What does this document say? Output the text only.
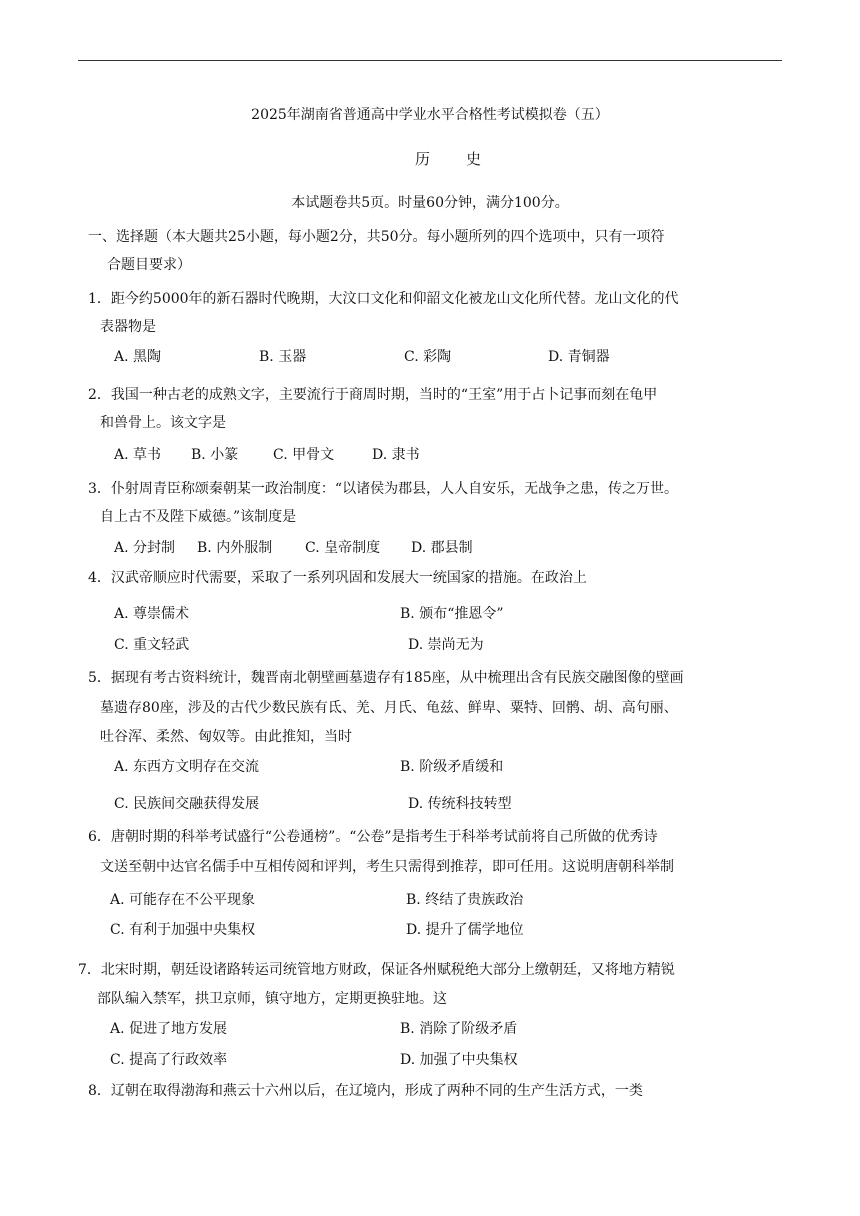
2025年湖南省普通高中学业水平合格性考试模拟卷（五）
历史
本试题卷共5页。时量60分钟，满分100分。
一、选择题（本大题共25小题，每小题2分，共50分。每小题所列的四个选项中，只有一项符
合题目要求）
1．距今约5000年的新石器时代晚期，大汶口文化和仰韶文化被龙山文化所代替。龙山文化的代
表器物是
A. 黑陶	B. 玉器	C. 彩陶	D. 青铜器
2．我国一种古老的成熟文字，主要流行于商周时期，当时的“王室”用于占卜记事而刻在龟甲
和兽骨上。该文字是
A. 草书 B. 小篆 C. 甲骨文	D. 隶书
3．仆射周青臣称颂秦朝某一政治制度：“以诸侯为郡县，人人自安乐，无战争之患，传之万世。
自上古不及陛下威德。”该制度是
A. 分封制 B. 内外服制 C. 皇帝制度 D. 郡县制
4．汉武帝顺应时代需要，采取了一系列巩固和发展大一统国家的措施。在政治上
A. 尊崇儒术	B. 颁布“推恩令”
C. 重文轻武	D. 崇尚无为
5．据现有考古资料统计，魏晋南北朝壁画墓遗存有185座，从中梳理出含有民族交融图像的壁画
墓遗存80座，涉及的古代少数民族有氐、羌、月氏、龟兹、鲜卑、粟特、回鹘、胡、高句丽、
吐谷浑、柔然、匈奴等。由此推知，当时
A. 东西方文明存在交流	B. 阶级矛盾缓和
C. 民族间交融获得发展	D. 传统科技转型
6．唐朝时期的科举考试盛行“公卷通榜”。“公卷”是指考生于科举考试前将自己所做的优秀诗
文送至朝中达官名儒手中互相传阅和评判，考生只需得到推荐，即可任用。这说明唐朝科举制
A. 可能存在不公平现象	B. 终结了贵族政治
C. 有利于加强中央集权	D. 提升了儒学地位
7．北宋时期，朝廷设诸路转运司统管地方财政，保证各州赋税绝大部分上缴朝廷，又将地方精锐
部队编入禁军，拱卫京师，镇守地方，定期更换驻地。这
A. 促进了地方发展	B. 消除了阶级矛盾
C. 提高了行政效率	D. 加强了中央集权
8．辽朝在取得渤海和燕云十六州以后，在辽境内，形成了两种不同的生产生活方式，一类
